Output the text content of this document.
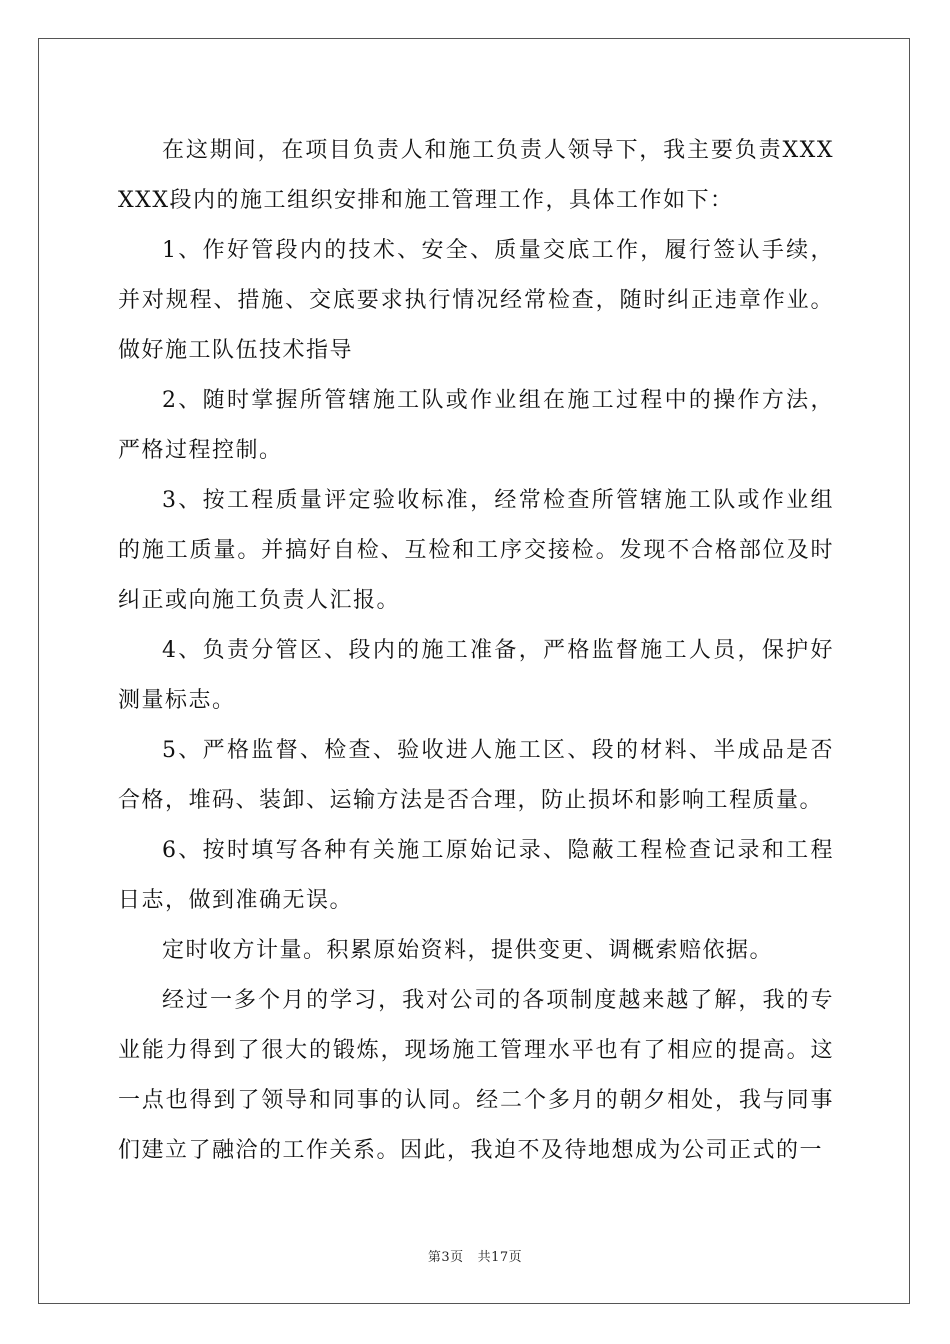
在这期间，在项目负责人和施工负责人领导下，我主要负责XXXXXX段内的施工组织安排和施工管理工作，具体工作如下：

1、作好管段内的技术、安全、质量交底工作，履行签认手续，并对规程、措施、交底要求执行情况经常检查，随时纠正违章作业。做好施工队伍技术指导

2、随时掌握所管辖施工队或作业组在施工过程中的操作方法，严格过程控制。

3、按工程质量评定验收标准，经常检查所管辖施工队或作业组的施工质量。并搞好自检、互检和工序交接检。发现不合格部位及时纠正或向施工负责人汇报。

4、负责分管区、段内的施工准备，严格监督施工人员，保护好测量标志。

5、严格监督、检查、验收进人施工区、段的材料、半成品是否合格，堆码、装卸、运输方法是否合理，防止损坏和影响工程质量。

6、按时填写各种有关施工原始记录、隐蔽工程检查记录和工程日志，做到准确无误。

定时收方计量。积累原始资料，提供变更、调概索赔依据。

经过一多个月的学习，我对公司的各项制度越来越了解，我的专业能力得到了很大的锻炼，现场施工管理水平也有了相应的提高。这一点也得到了领导和同事的认同。经二个多月的朝夕相处，我与同事们建立了融洽的工作关系。因此，我迫不及待地想成为公司正式的一

第3页 共17页
